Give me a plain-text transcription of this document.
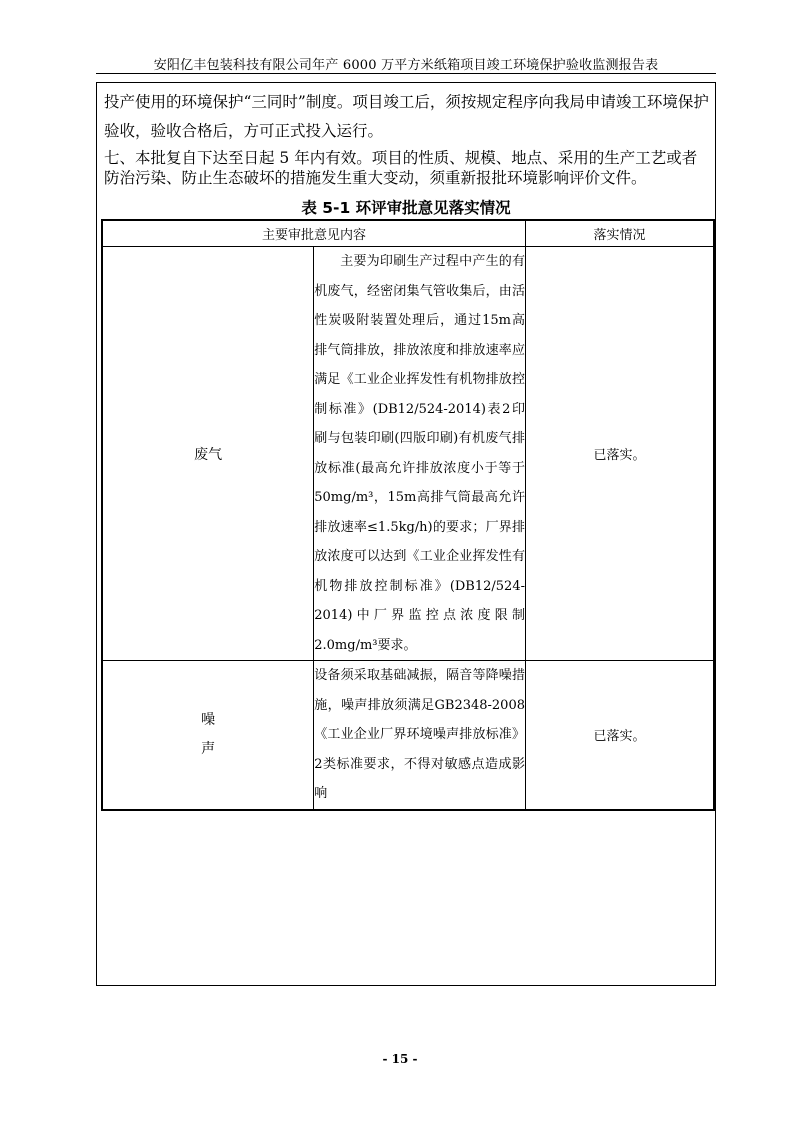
安阳亿丰包装科技有限公司年产 6000 万平方米纸箱项目竣工环境保护验收监测报告表

投产使用的环境保护“三同时”制度。项目竣工后，须按规定程序向我局申请竣工环境保护验收，验收合格后，方可正式投入运行。

七、本批复自下达至日起 5 年内有效。项目的性质、规模、地点、采用的生产工艺或者防治污染、防止生态破坏的措施发生重大变动，须重新报批环境影响评价文件。

表 5-1 环评审批意见落实情况
主要审批意见内容		落实情况
废气	主要为印刷生产过程中产生的有机废气，经密闭集气管收集后，由活性炭吸附装置处理后，通过15m高排气筒排放，排放浓度和排放速率应满足《工业企业挥发性有机物排放控制标准》(DB12/524-2014)表2印刷与包装印刷(四版印刷)有机废气排放标准(最高允许排放浓度小于等于50mg/m³，15m高排气筒最高允许排放速率≤1.5kg/h)的要求；厂界排放浓度可以达到《工业企业挥发性有机物排放控制标准》(DB12/524-2014)中厂界监控点浓度限制2.0mg/m³要求。	已落实。
噪声	设备须采取基础减振，隔音等降噪措施，噪声排放须满足GB2348-2008《工业企业厂界环境噪声排放标准》2类标准要求，不得对敏感点造成影响	已落实。
- 15 -
